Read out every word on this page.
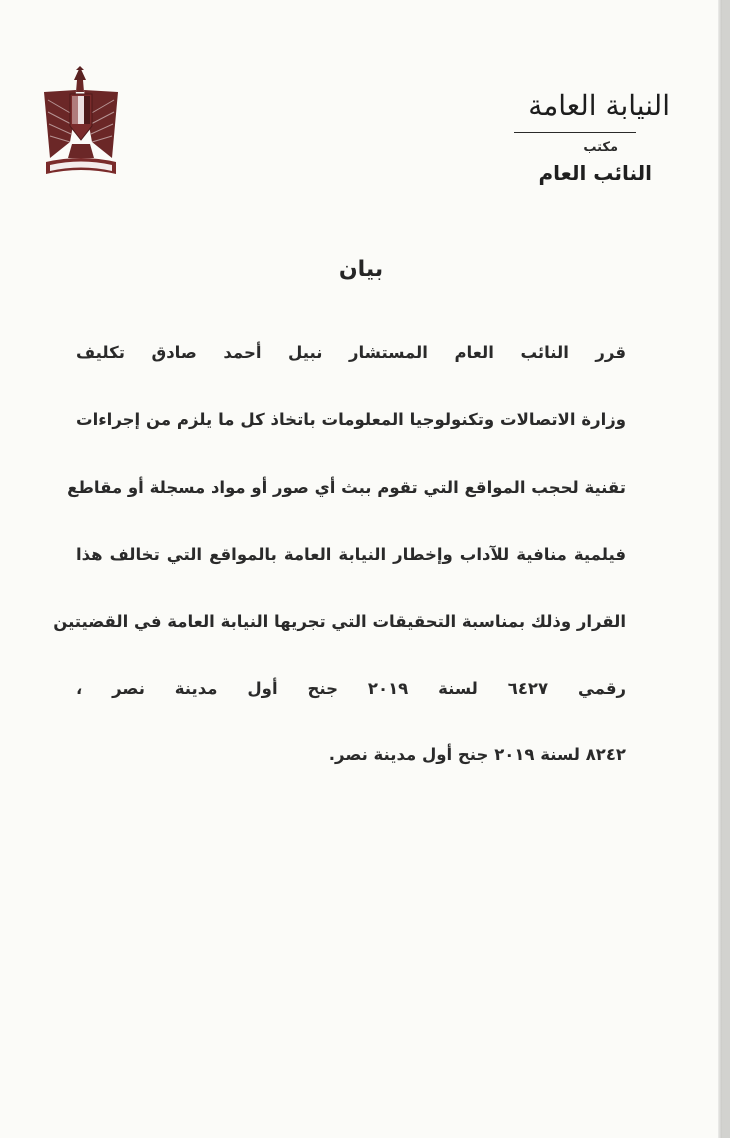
النيابة العامة
مكتب
النائب العام
بيان
قرر النائب العام المستشار نبيل أحمد صادق تكليف
وزارة الاتصالات وتكنولوجيا المعلومات باتخاذ كل ما يلزم من إجراءات
تقنية لحجب المواقع التي تقوم ببث أي صور أو مواد مسجلة أو مقاطع
فيلمية منافية للآداب وإخطار النيابة العامة بالمواقع التي تخالف هذا
القرار وذلك بمناسبة التحقيقات التي تجريها النيابة العامة في القضيتين
رقمي ٦٤٢٧ لسنة ٢٠١٩ جنح أول مدينة نصر ،
٨٢٤٢ لسنة ٢٠١٩ جنح أول مدينة نصر.
